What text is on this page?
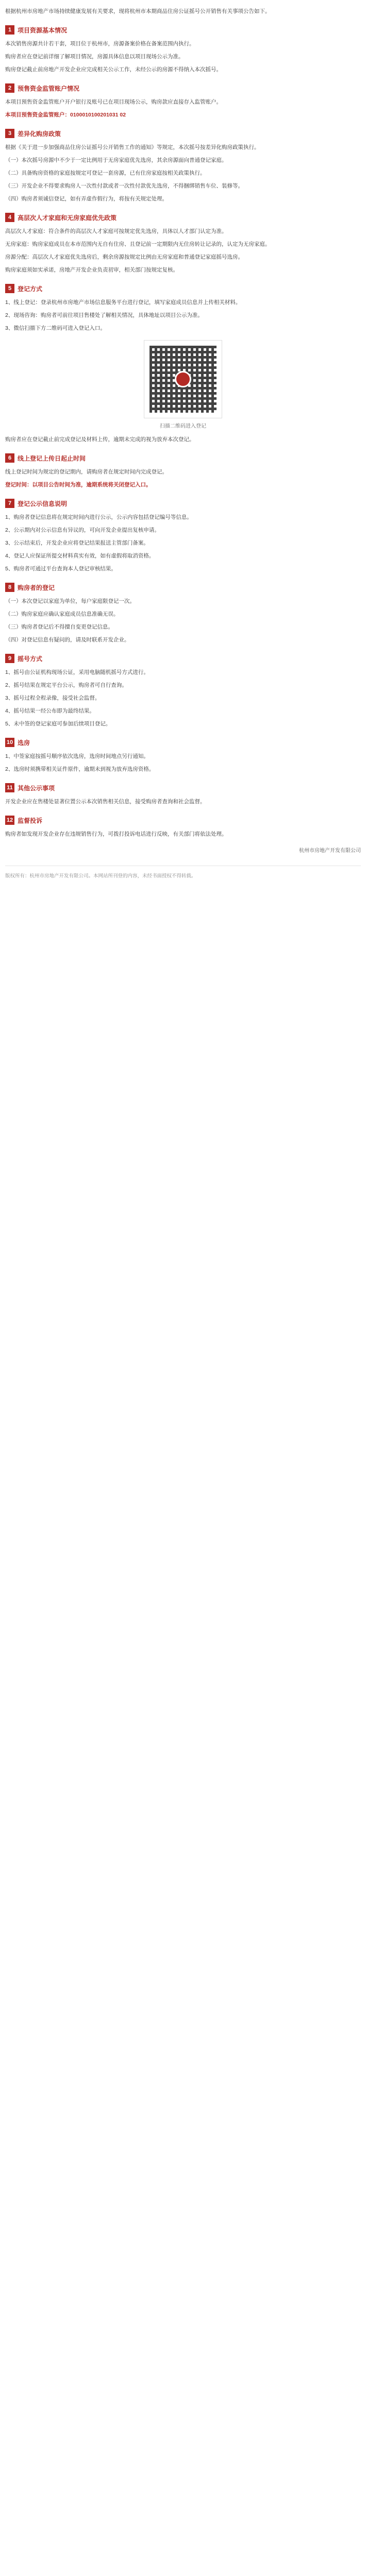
根据杭州市房地产市场持续健康发展有关要求，现将杭州市本期商品住房公证摇号公开销售有关事项公告如下。

1 项目资源基本情况

本次销售房源共计若干套，项目位于杭州市，房源备案价格在备案范围内执行。

购房者应在登记前详细了解项目情况，房源具体信息以项目现场公示为准。

购房登记截止前房地产开发企业应完成相关公示工作，未经公示的房源不得纳入本次摇号。

2 预售资金监管账户情况

本项目预售资金监管账户开户银行及账号已在项目现场公示，购房款应直接存入监管账户。

本项目预售资金监管账户：0100010100201031 02

3 差异化购房政策

根据《关于进一步加强商品住房公证摇号公开销售工作的通知》等规定，本次摇号按差异化购房政策执行。

（一）本次摇号房源中不少于一定比例用于无房家庭优先选房，其余房源面向普通登记家庭。

（二）具备购房资格的家庭按规定可登记一套房源，已有住房家庭按相关政策执行。

（三）开发企业不得要求购房人一次性付款或者一次性付款优先选房，不得捆绑销售车位、装修等。

（四）购房者须诚信登记，如有弄虚作假行为，将按有关规定处理。

4 高层次人才家庭和无房家庭优先政策

高层次人才家庭：符合条件的高层次人才家庭可按规定优先选房，具体以人才部门认定为准。

无房家庭：购房家庭成员在本市范围内无自有住房、且登记前一定期限内无住房转让记录的，认定为无房家庭。

房源分配：高层次人才家庭优先选房后，剩余房源按规定比例由无房家庭和普通登记家庭摇号选房。

购房家庭须如实承诺，房地产开发企业负责初审，相关部门按规定复核。

5 登记方式

1、线上登记：登录杭州市房地产市场信息服务平台进行登记，填写家庭成员信息并上传相关材料。

2、现场咨询：购房者可前往项目售楼处了解相关情况，具体地址以项目公示为准。

3、微信扫描下方二维码可进入登记入口。

扫描二维码进入登记

购房者应在登记截止前完成登记及材料上传，逾期未完成的视为放弃本次登记。

6 线上登记上传日起止时间

线上登记时间为规定的登记期内，请购房者在规定时间内完成登记。

登记时间：以项目公告时间为准，逾期系统将关闭登记入口。

7 登记公示信息说明

1、购房者登记信息将在规定时间内进行公示，公示内容包括登记编号等信息。

2、公示期内对公示信息有异议的，可向开发企业提出复核申请。

3、公示结束后，开发企业应将登记结果报送主管部门备案。

4、登记人应保证所提交材料真实有效，如有虚假将取消资格。

5、购房者可通过平台查询本人登记审核结果。

8 购房者的登记

（一）本次登记以家庭为单位，每户家庭限登记一次。

（二）购房家庭应确认家庭成员信息准确无误。

（三）购房者登记后不得擅自变更登记信息。

（四）对登记信息有疑问的，请及时联系开发企业。

9 摇号方式

1、摇号由公证机构现场公证，采用电脑随机摇号方式进行。

2、摇号结果在规定平台公示，购房者可自行查询。

3、摇号过程全程录像，接受社会监督。

4、摇号结果一经公布即为最终结果。

5、未中签的登记家庭可参加后续项目登记。

10 选房

1、中签家庭按摇号顺序依次选房，选房时间地点另行通知。

2、选房时须携带相关证件原件，逾期未到视为放弃选房资格。

11 其他公示事项

开发企业应在售楼处显著位置公示本次销售相关信息，接受购房者查询和社会监督。

12 监督投诉

购房者如发现开发企业存在违规销售行为，可拨打投诉电话进行反映，有关部门将依法处理。

杭州市房地产开发有限公司
版权所有：杭州市房地产开发有限公司。本网站所刊登的内容，未经书面授权不得转载。
